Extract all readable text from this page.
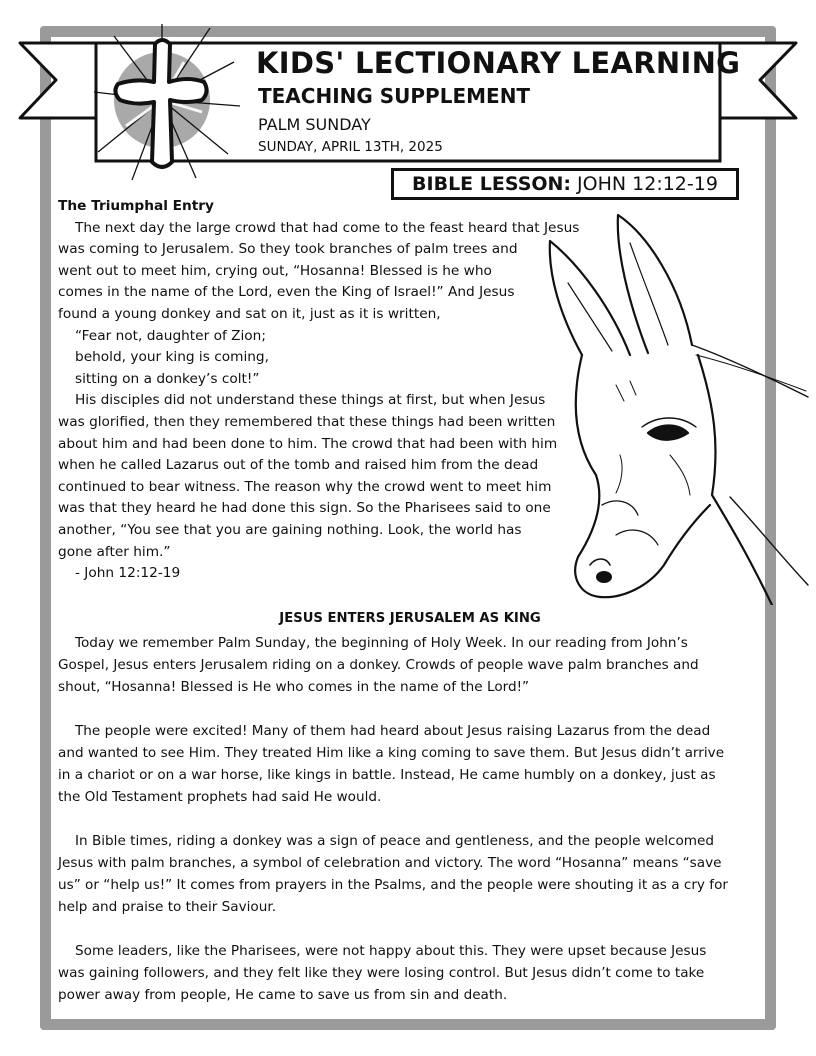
KIDS' LECTIONARY LEARNING
TEACHING SUPPLEMENT
PALM SUNDAY
SUNDAY, APRIL 13TH, 2025
BIBLE LESSON: JOHN 12:12-19
The Triumphal Entry
The next day the large crowd that had come to the feast heard that Jesus
was coming to Jerusalem. So they took branches of palm trees and
went out to meet him, crying out, “Hosanna! Blessed is he who
comes in the name of the Lord, even the King of Israel!” And Jesus
found a young donkey and sat on it, just as it is written,
“Fear not, daughter of Zion;
behold, your king is coming,
sitting on a donkey’s colt!”
His disciples did not understand these things at first, but when Jesus
was glorified, then they remembered that these things had been written
about him and had been done to him. The crowd that had been with him
when he called Lazarus out of the tomb and raised him from the dead
continued to bear witness. The reason why the crowd went to meet him
was that they heard he had done this sign. So the Pharisees said to one
another, “You see that you are gaining nothing. Look, the world has
gone after him.”
- John 12:12-19
JESUS ENTERS JERUSALEM AS KING
Today we remember Palm Sunday, the beginning of Holy Week. In our reading from John’s
Gospel, Jesus enters Jerusalem riding on a donkey. Crowds of people wave palm branches and
shout, “Hosanna! Blessed is He who comes in the name of the Lord!”
The people were excited! Many of them had heard about Jesus raising Lazarus from the dead
and wanted to see Him. They treated Him like a king coming to save them. But Jesus didn’t arrive
in a chariot or on a war horse, like kings in battle. Instead, He came humbly on a donkey, just as
the Old Testament prophets had said He would.
In Bible times, riding a donkey was a sign of peace and gentleness, and the people welcomed
Jesus with palm branches, a symbol of celebration and victory. The word “Hosanna” means “save
us” or “help us!” It comes from prayers in the Psalms, and the people were shouting it as a cry for
help and praise to their Saviour.
Some leaders, like the Pharisees, were not happy about this. They were upset because Jesus
was gaining followers, and they felt like they were losing control. But Jesus didn’t come to take
power away from people, He came to save us from sin and death.
